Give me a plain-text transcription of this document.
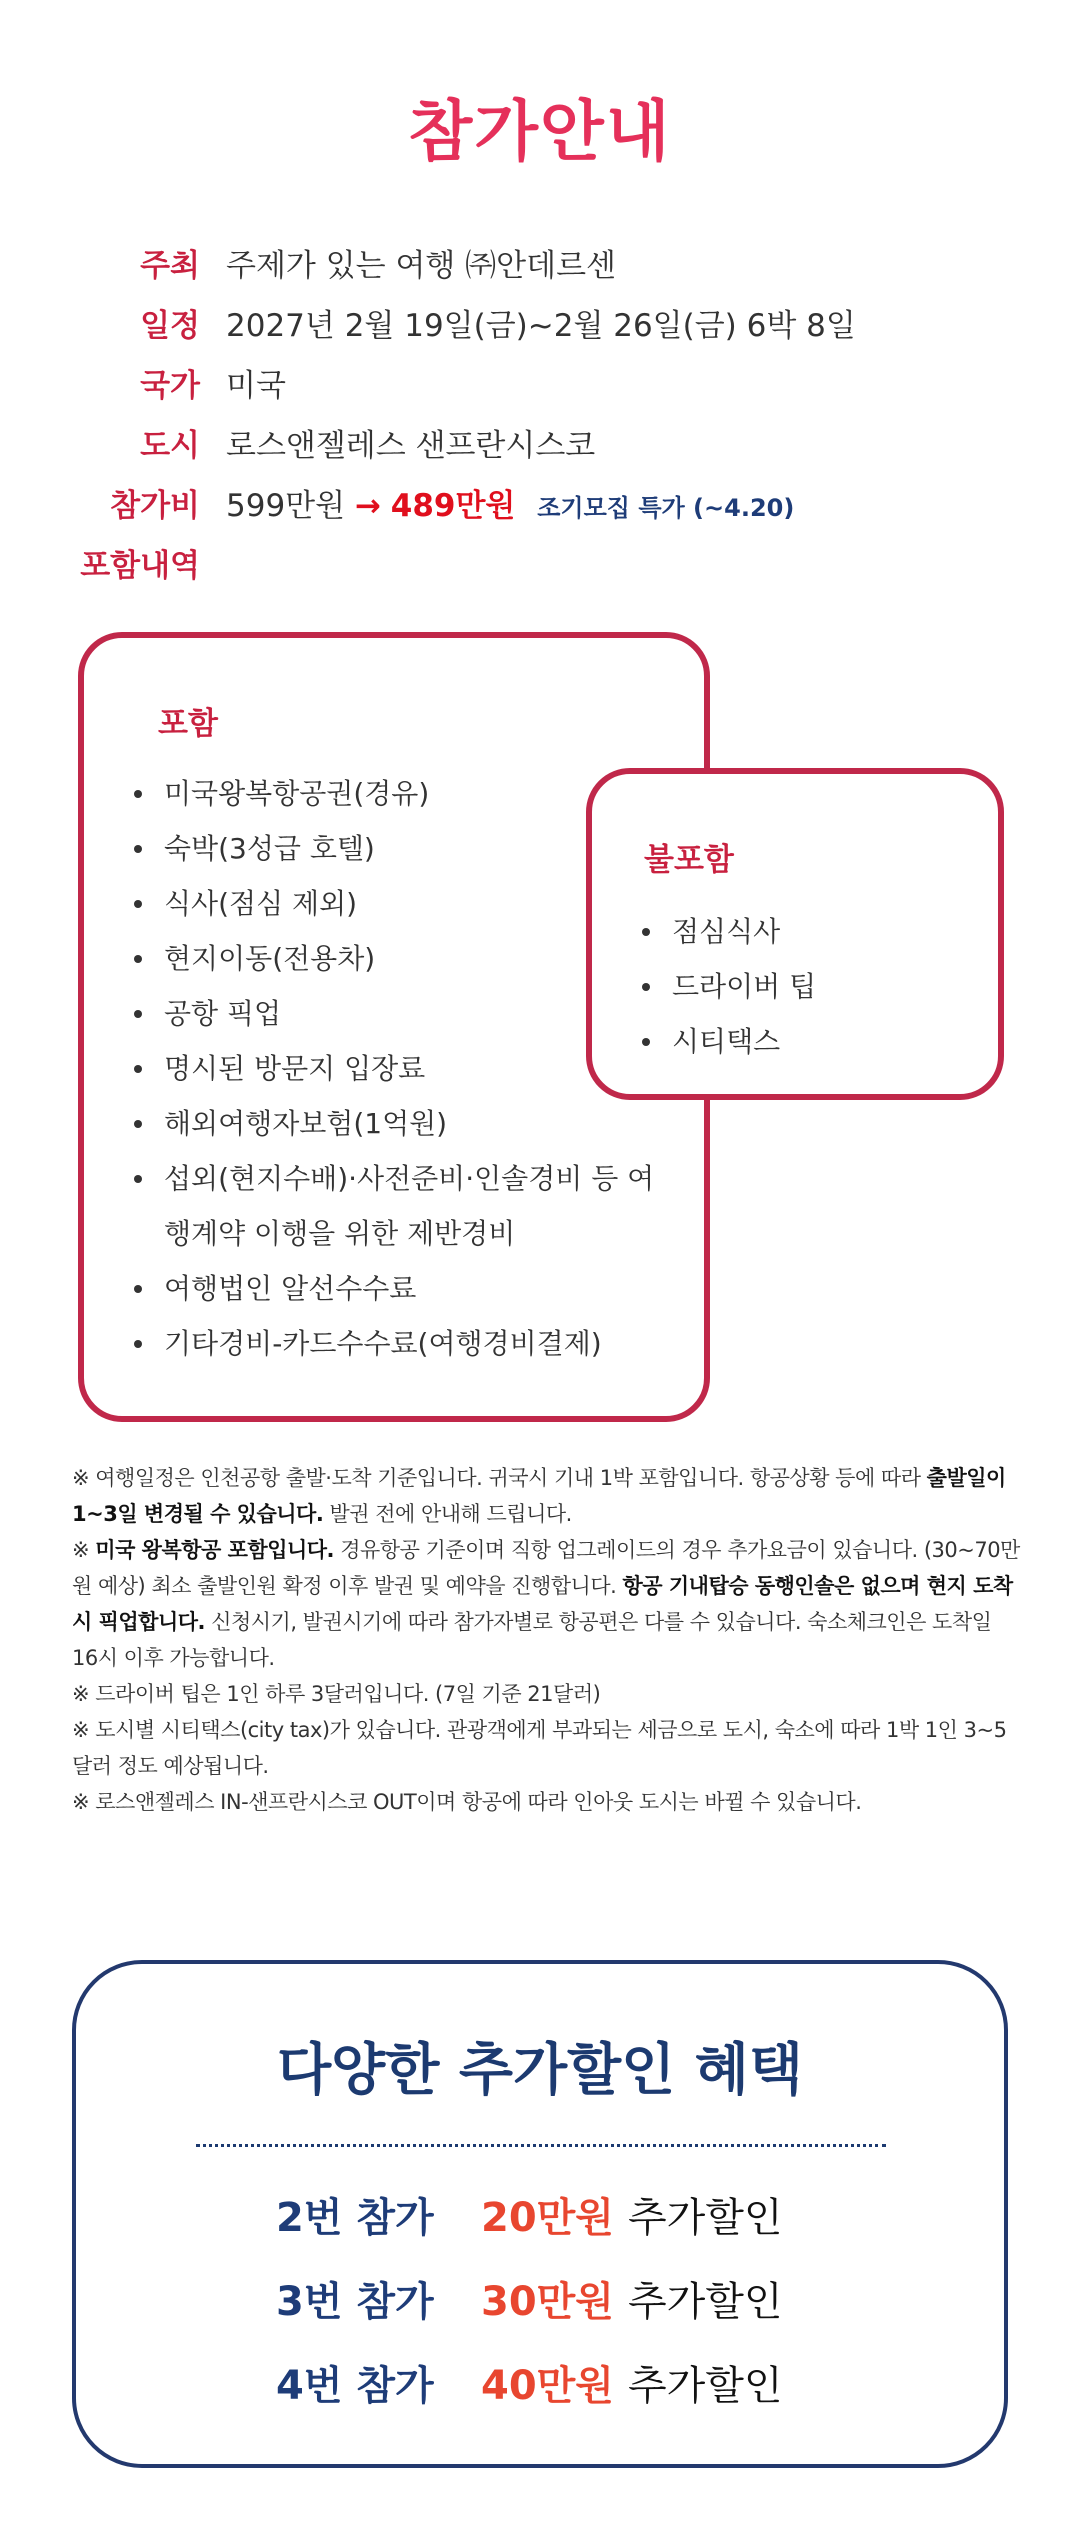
참가안내
주최 주제가 있는 여행 ㈜안데르센
일정 2027년 2월 19일(금)~2월 26일(금) 6박 8일
국가 미국
도시 로스앤젤레스 샌프란시스코
참가비 599만원 → 489만원 조기모집 특가 (~4.20)
포함내역
포함
미국왕복항공권(경유)
숙박(3성급 호텔)
식사(점심 제외)
현지이동(전용차)
공항 픽업
명시된 방문지 입장료
해외여행자보험(1억원)
섭외(현지수배)·사전준비·인솔경비 등 여행계약 이행을 위한 제반경비
여행법인 알선수수료
기타경비-카드수수료(여행경비결제)
불포함
점심식사
드라이버 팁
시티택스

※ 여행일정은 인천공항 출발·도착 기준입니다. 귀국시 기내 1박 포함입니다. 항공상황 등에 따라 출발일이 1~3일 변경될 수 있습니다. 발권 전에 안내해 드립니다.

※ 미국 왕복항공 포함입니다. 경유항공 기준이며 직항 업그레이드의 경우 추가요금이 있습니다. (30~70만원 예상) 최소 출발인원 확정 이후 발권 및 예약을 진행합니다. 항공 기내탑승 동행인솔은 없으며 현지 도착시 픽업합니다. 신청시기, 발권시기에 따라 참가자별로 항공편은 다를 수 있습니다. 숙소체크인은 도착일 16시 이후 가능합니다.

※ 드라이버 팁은 1인 하루 3달러입니다. (7일 기준 21달러)

※ 도시별 시티택스(city tax)가 있습니다. 관광객에게 부과되는 세금으로 도시, 숙소에 따라 1박 1인 3~5달러 정도 예상됩니다.

※ 로스앤젤레스 IN-샌프란시스코 OUT이며 항공에 따라 인아웃 도시는 바뀔 수 있습니다.

다양한 추가할인 혜택
2번 참가	20만원 추가할인
3번 참가	30만원 추가할인
4번 참가	40만원 추가할인
